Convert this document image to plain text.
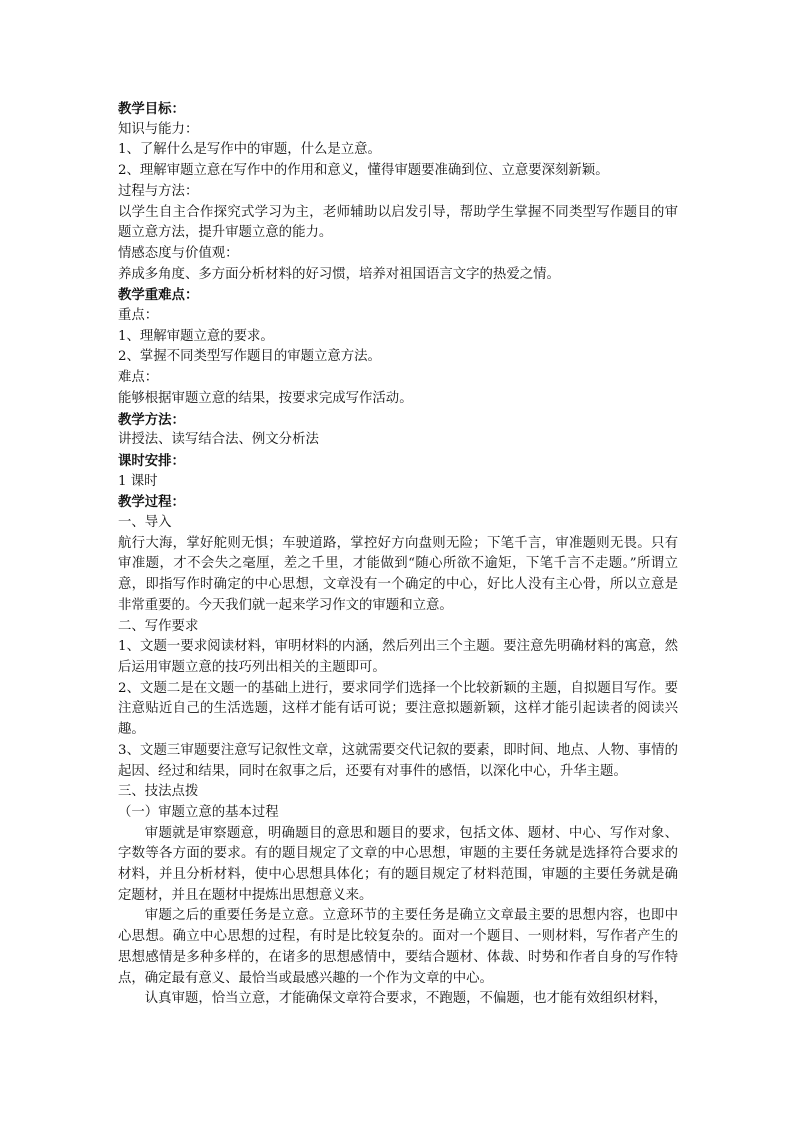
教学目标：
知识与能力：
1、了解什么是写作中的审题，什么是立意。
2、理解审题立意在写作中的作用和意义，懂得审题要准确到位、立意要深刻新颖。
过程与方法：
以学生自主合作探究式学习为主，老师辅助以启发引导，帮助学生掌握不同类型写作题目的审题立意方法，提升审题立意的能力。
情感态度与价值观：
养成多角度、多方面分析材料的好习惯，培养对祖国语言文字的热爱之情。
教学重难点：
重点：
1、理解审题立意的要求。
2、掌握不同类型写作题目的审题立意方法。
难点：
能够根据审题立意的结果，按要求完成写作活动。
教学方法：
讲授法、读写结合法、例文分析法
课时安排：
1 课时
教学过程：
一、导入
航行大海，掌好舵则无惧；车驶道路，掌控好方向盘则无险；下笔千言，审准题则无畏。只有审准题，才不会失之毫厘，差之千里，才能做到“随心所欲不逾矩，下笔千言不走题。”所谓立意，即指写作时确定的中心思想，文章没有一个确定的中心，好比人没有主心骨，所以立意是非常重要的。今天我们就一起来学习作文的审题和立意。
二、写作要求
1、文题一要求阅读材料，审明材料的内涵，然后列出三个主题。要注意先明确材料的寓意，然后运用审题立意的技巧列出相关的主题即可。
2、文题二是在文题一的基础上进行，要求同学们选择一个比较新颖的主题，自拟题目写作。要注意贴近自己的生活选题，这样才能有话可说；要注意拟题新颖，这样才能引起读者的阅读兴趣。
3、文题三审题要注意写记叙性文章，这就需要交代记叙的要素，即时间、地点、人物、事情的起因、经过和结果，同时在叙事之后，还要有对事件的感悟，以深化中心，升华主题。
三、技法点拨
（一）审题立意的基本过程
审题就是审察题意，明确题目的意思和题目的要求，包括文体、题材、中心、写作对象、字数等各方面的要求。有的题目规定了文章的中心思想，审题的主要任务就是选择符合要求的材料，并且分析材料，使中心思想具体化；有的题目规定了材料范围，审题的主要任务就是确定题材，并且在题材中提炼出思想意义来。
审题之后的重要任务是立意。立意环节的主要任务是确立文章最主要的思想内容，也即中心思想。确立中心思想的过程，有时是比较复杂的。面对一个题目、一则材料，写作者产生的思想感情是多种多样的，在诸多的思想感情中，要结合题材、体裁、时势和作者自身的写作特点，确定最有意义、最恰当或最感兴趣的一个作为文章的中心。
认真审题，恰当立意，才能确保文章符合要求，不跑题，不偏题，也才能有效组织材料，
